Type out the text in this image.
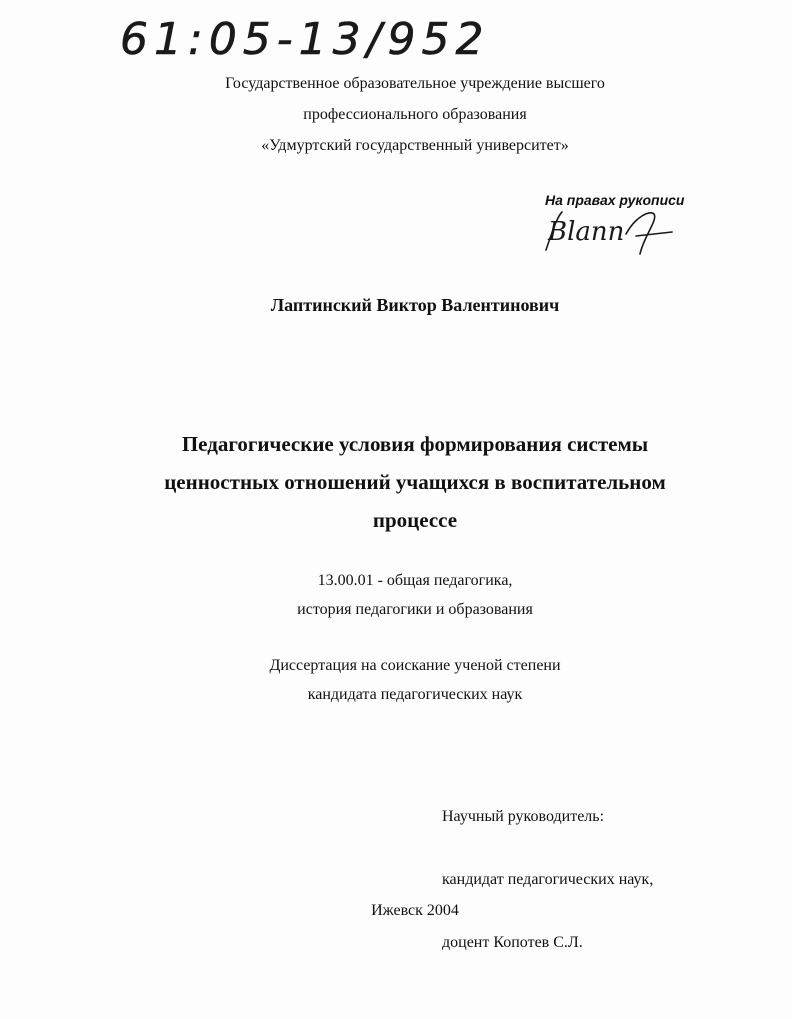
61:05-13/952
Государственное образовательное учреждение высшего
профессионального образования
«Удмуртский государственный университет»
На правах рукописи
Blann
Лаптинский Виктор Валентинович
Педагогические условия формирования системы
ценностных отношений учащихся в воспитательном
процессе
13.00.01 - общая педагогика,
история педагогики и образования
Диссертация на соискание ученой степени
кандидата педагогических наук

Научный руководитель:

кандидат педагогических наук,

доцент Копотев С.Л.

Ижевск 2004
